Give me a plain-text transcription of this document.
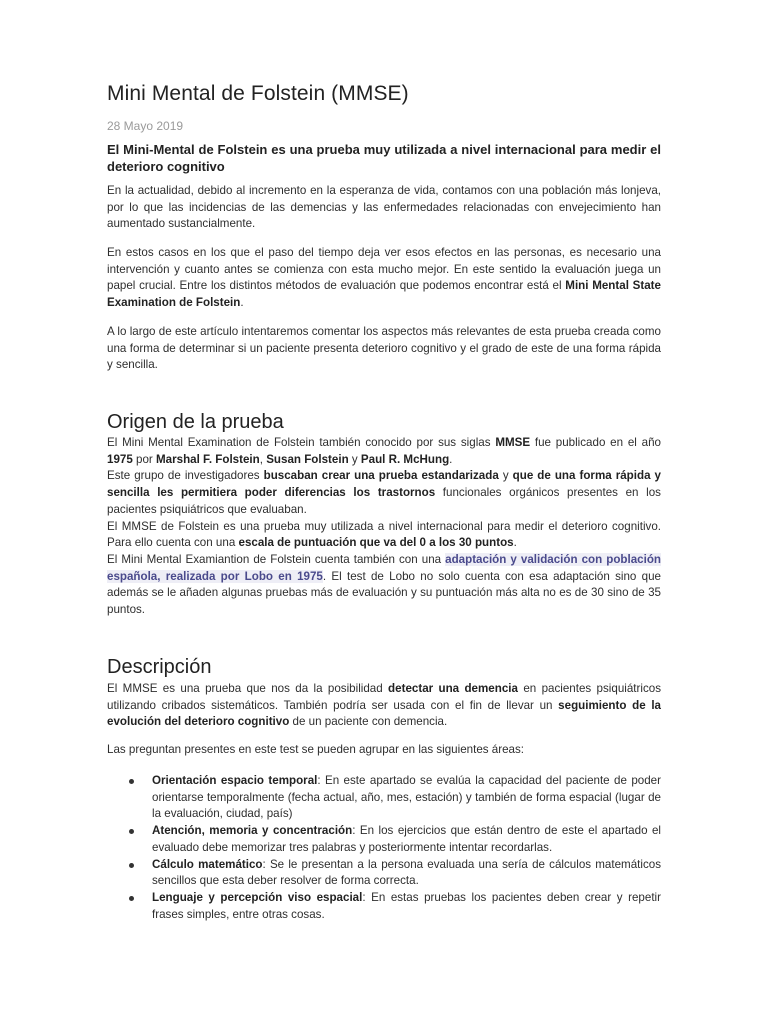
Mini Mental de Folstein (MMSE)
28 Mayo 2019
El Mini-Mental de Folstein es una prueba muy utilizada a nivel internacional para medir el deterioro cognitivo

En la actualidad, debido al incremento en la esperanza de vida, contamos con una población más lonjeva, por lo que las incidencias de las demencias y las enfermedades relacionadas con envejecimiento han aumentado sustancialmente.

En estos casos en los que el paso del tiempo deja ver esos efectos en las personas, es necesario una intervención y cuanto antes se comienza con esta mucho mejor. En este sentido la evaluación juega un papel crucial. Entre los distintos métodos de evaluación que podemos encontrar está el Mini Mental State Examination de Folstein.

A lo largo de este artículo intentaremos comentar los aspectos más relevantes de esta prueba creada como una forma de determinar si un paciente presenta deterioro cognitivo y el grado de este de una forma rápida y sencilla.

Origen de la prueba
El Mini Mental Examination de Folstein también conocido por sus siglas MMSE fue publicado en el año 1975 por Marshal F. Folstein, Susan Folstein y Paul R. McHung.
Este grupo de investigadores buscaban crear una prueba estandarizada y que de una forma rápida y sencilla les permitiera poder diferencias los trastornos funcionales orgánicos presentes en los pacientes psiquiátricos que evaluaban.
El MMSE de Folstein es una prueba muy utilizada a nivel internacional para medir el deterioro cognitivo. Para ello cuenta con una escala de puntuación que va del 0 a los 30 puntos.
El Mini Mental Examiantion de Folstein cuenta también con una adaptación y validación con población española, realizada por Lobo en 1975. El test de Lobo no solo cuenta con esa adaptación sino que además se le añaden algunas pruebas más de evaluación y su puntuación más alta no es de 30 sino de 35 puntos.
Descripción

El MMSE es una prueba que nos da la posibilidad detectar una demencia en pacientes psiquiátricos utilizando cribados sistemáticos. También podría ser usada con el fin de llevar un seguimiento de la evolución del deterioro cognitivo de un paciente con demencia.

Las preguntan presentes en este test se pueden agrupar en las siguientes áreas:

Orientación espacio temporal: En este apartado se evalúa la capacidad del paciente de poder orientarse temporalmente (fecha actual, año, mes, estación) y también de forma espacial (lugar de la evaluación, ciudad, país)
Atención, memoria y concentración: En los ejercicios que están dentro de este el apartado el evaluado debe memorizar tres palabras y posteriormente intentar recordarlas.
Cálculo matemático: Se le presentan a la persona evaluada una sería de cálculos matemáticos sencillos que esta deber resolver de forma correcta.
Lenguaje y percepción viso espacial: En estas pruebas los pacientes deben crear y repetir frases simples, entre otras cosas.
